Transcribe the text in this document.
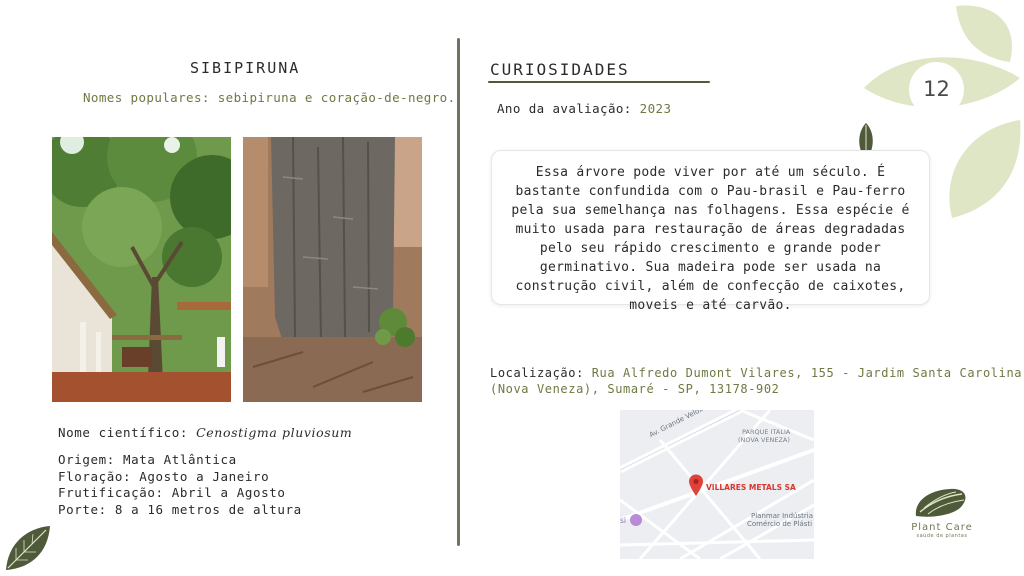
12
SIBIPIRUNA
Nomes populares: sebipiruna e coração-de-negro.
Nome científico: Cenostigma pluviosum
Origem: Mata Atlântica
Floração: Agosto a Janeiro
Frutificação: Abril a Agosto
Porte: 8 a 16 metros de altura
CURIOSIDADES
Ano da avaliação: 2023
Essa árvore pode viver por até um século. É bastante confundida com o Pau-brasil e Pau-ferro pela sua semelhança nas folhagens. Essa espécie é muito usada para restauração de áreas degradadas pelo seu rápido crescimento e grande poder germinativo. Sua madeira pode ser usada na construção civil, além de confecção de caixotes, moveis e até carvão.
Localização: Rua Alfredo Dumont Vilares, 155 - Jardim Santa Carolina
(Nova Veneza), Sumaré - SP, 13178-902
PARQUE ITALIA
(NOVA VENEZA)
VILLARES METALS SA
Planmar Indústria
Comércio de Plásti
si
Plant Care
saúde de plantas
